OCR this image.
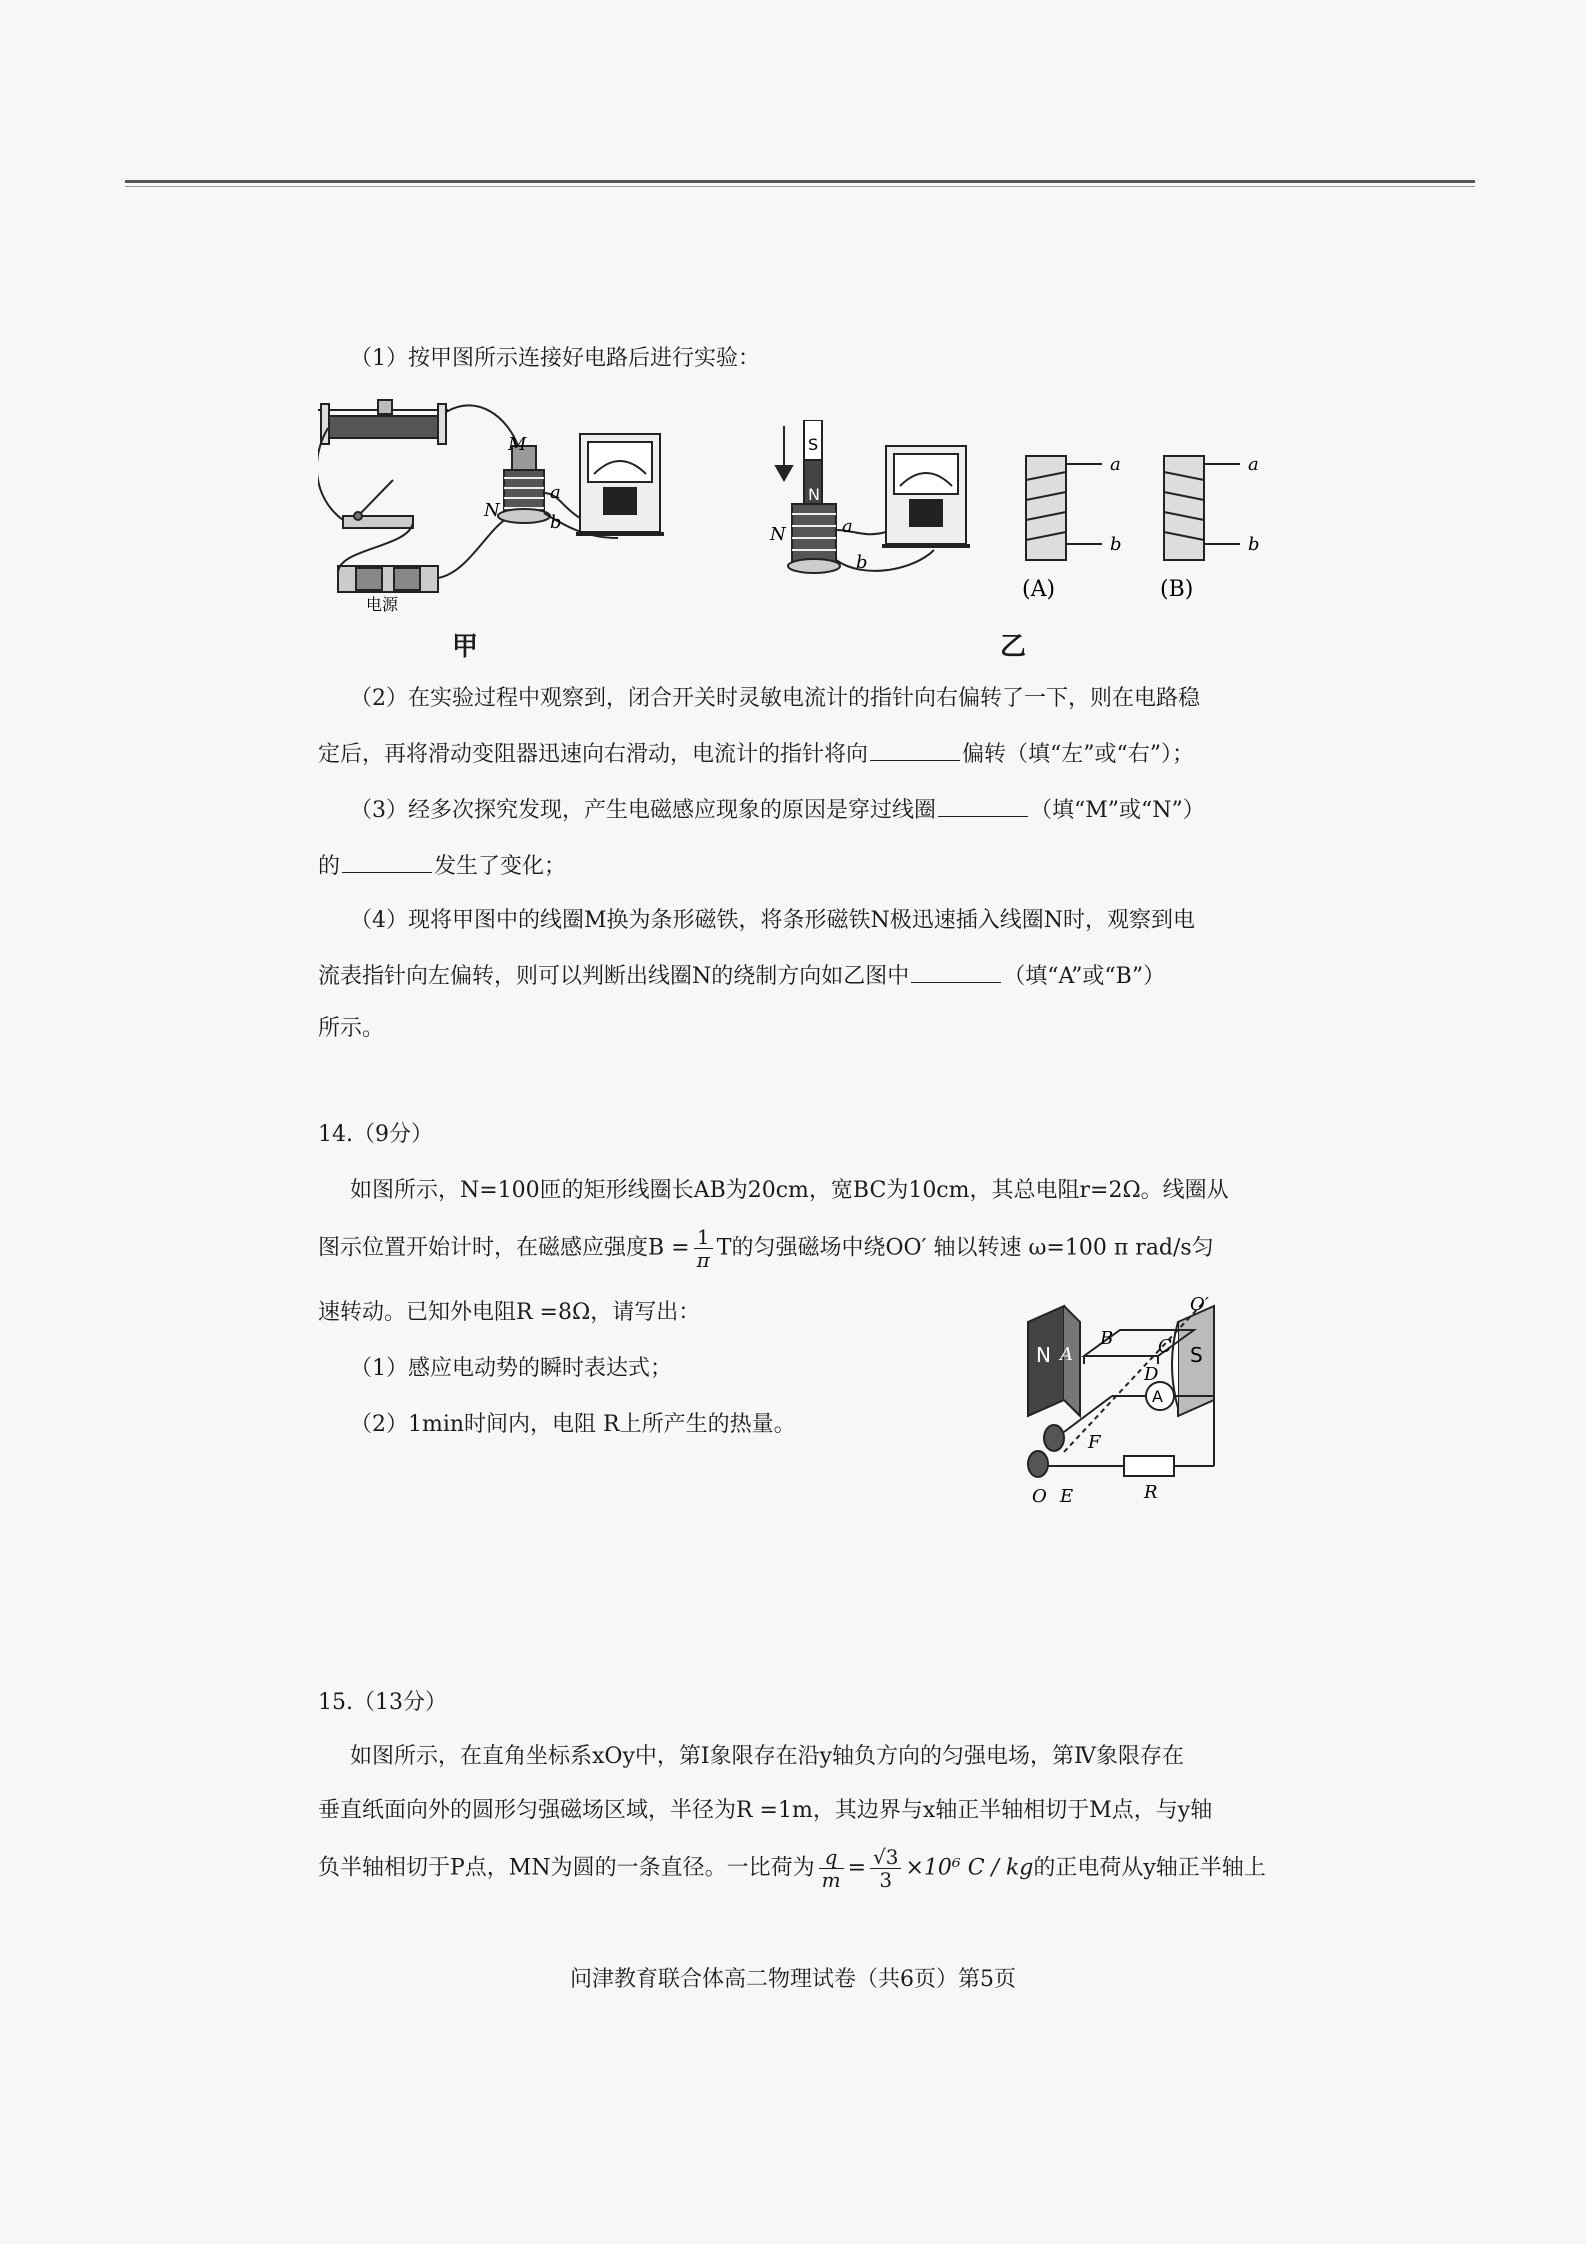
（1）按甲图所示连接好电路后进行实验：
M
N
a
b
电源
甲
S
N
N	a
b
a
b
a
b
(A)	(B)
乙
（2）在实验过程中观察到，闭合开关时灵敏电流计的指针向右偏转了一下，则在电路稳
定后，再将滑动变阻器迅速向右滑动，电流计的指针将向	偏转（填“左”或“右”）；
（3）经多次探究发现，产生电磁感应现象的原因是穿过线圈	（填“M”或“N”）
的	发生了变化；
（4）现将甲图中的线圈M换为条形磁铁，将条形磁铁N极迅速插入线圈N时，观察到电
流表指针向左偏转，则可以判断出线圈N的绕制方向如乙图中	（填“A”或“B”）
所示。
14.（9分）
如图所示，N=100匝的矩形线圈长AB为20cm，宽BC为10cm，其总电阻r=2Ω。线圈从
图示位置开始计时，在磁感应强度$B = \frac{1}{\pi}$ T的匀强磁场中绕OO′ 轴以转速 ω=100 π rad/s匀
速转动。已知外电阻R =8Ω，请写出：
（1）感应电动势的瞬时表达式；
（2）1min时间内，电阻 R上所产生的热量。
N	S
A
B C
D
E
F
O
O′
A
R
15.（13分）
如图所示，在直角坐标系xOy中，第Ⅰ象限存在沿y轴负方向的匀强电场，第Ⅳ象限存在
垂直纸面向外的圆形匀强磁场区域，半径为R =1m，其边界与x轴正半轴相切于M点，与y轴
负半轴相切于P点，MN为圆的一条直径。一比荷为 $\frac{q}{m} = \frac{√3}{3} \times 10^6$ C / kg的正电荷从y轴正半轴上
问津教育联合体高二物理试卷（共6页）第5页
